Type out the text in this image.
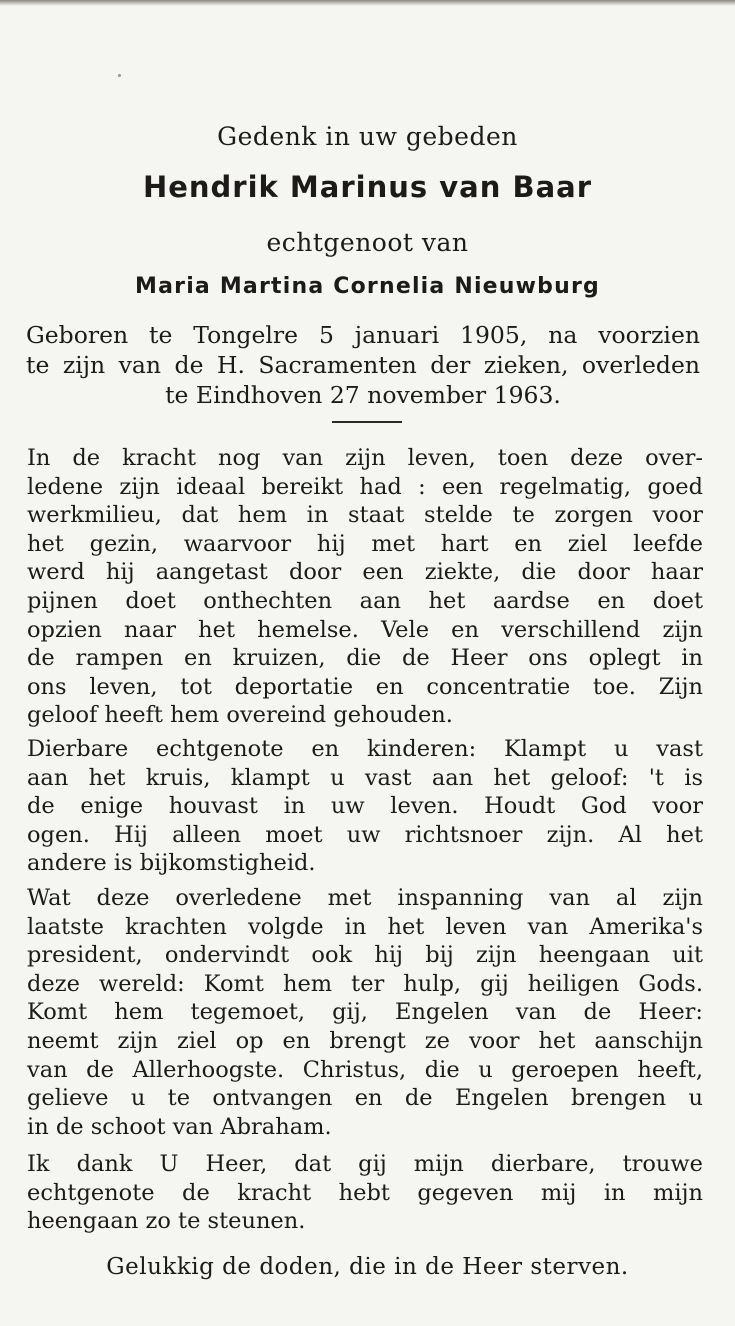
Gedenk in uw gebeden
Hendrik Marinus van Baar
echtgenoot van
Maria Martina Cornelia Nieuwburg
Geboren te Tongelre 5 januari 1905, na voorzien
te zijn van de H. Sacramenten der zieken, overleden
te Eindhoven 27 november 1963.
In de kracht nog van zijn leven, toen deze over-
ledene zijn ideaal bereikt had : een regelmatig, goed
werkmilieu, dat hem in staat stelde te zorgen voor
het gezin, waarvoor hij met hart en ziel leefde
werd hij aangetast door een ziekte, die door haar
pijnen doet onthechten aan het aardse en doet
opzien naar het hemelse. Vele en verschillend zijn
de rampen en kruizen, die de Heer ons oplegt in
ons leven, tot deportatie en concentratie toe. Zijn
geloof heeft hem overeind gehouden.
Dierbare echtgenote en kinderen: Klampt u vast
aan het kruis, klampt u vast aan het geloof: 't is
de enige houvast in uw leven. Houdt God voor
ogen. Hij alleen moet uw richtsnoer zijn. Al het
andere is bijkomstigheid.
Wat deze overledene met inspanning van al zijn
laatste krachten volgde in het leven van Amerika's
president, ondervindt ook hij bij zijn heengaan uit
deze wereld: Komt hem ter hulp, gij heiligen Gods.
Komt hem tegemoet, gij, Engelen van de Heer:
neemt zijn ziel op en brengt ze voor het aanschijn
van de Allerhoogste. Christus, die u geroepen heeft,
gelieve u te ontvangen en de Engelen brengen u
in de schoot van Abraham.
Ik dank U Heer, dat gij mijn dierbare, trouwe
echtgenote de kracht hebt gegeven mij in mijn
heengaan zo te steunen.
Gelukkig de doden, die in de Heer sterven.
